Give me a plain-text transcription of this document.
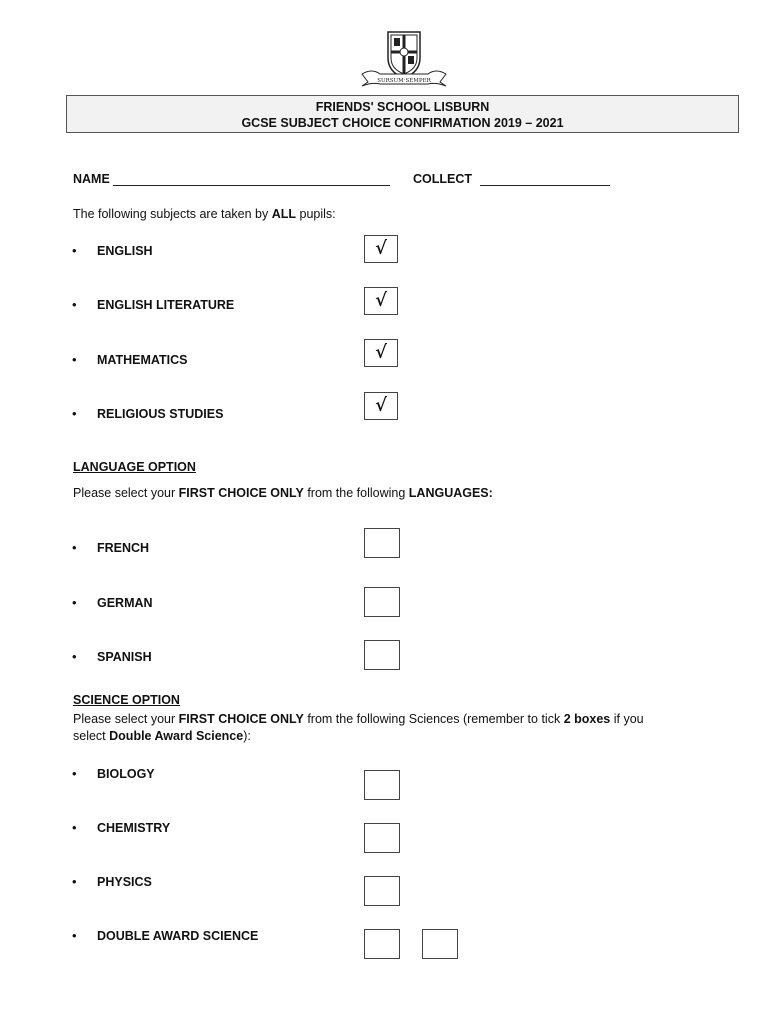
SURSUM·SEMPER
FRIENDS' SCHOOL LISBURN
GCSE SUBJECT CHOICE CONFIRMATION 2019 – 2021
NAME	COLLECT
The following subjects are taken by ALL pupils:
• ENGLISH	√
• ENGLISH LITERATURE	√
• MATHEMATICS	√
• RELIGIOUS STUDIES	√
LANGUAGE OPTION
Please select your FIRST CHOICE ONLY from the following LANGUAGES:
• FRENCH
• GERMAN
• SPANISH
SCIENCE OPTION
Please select your FIRST CHOICE ONLY from the following Sciences (remember to tick 2 boxes if you
select Double Award Science):
• BIOLOGY
• CHEMISTRY
• PHYSICS
• DOUBLE AWARD SCIENCE
